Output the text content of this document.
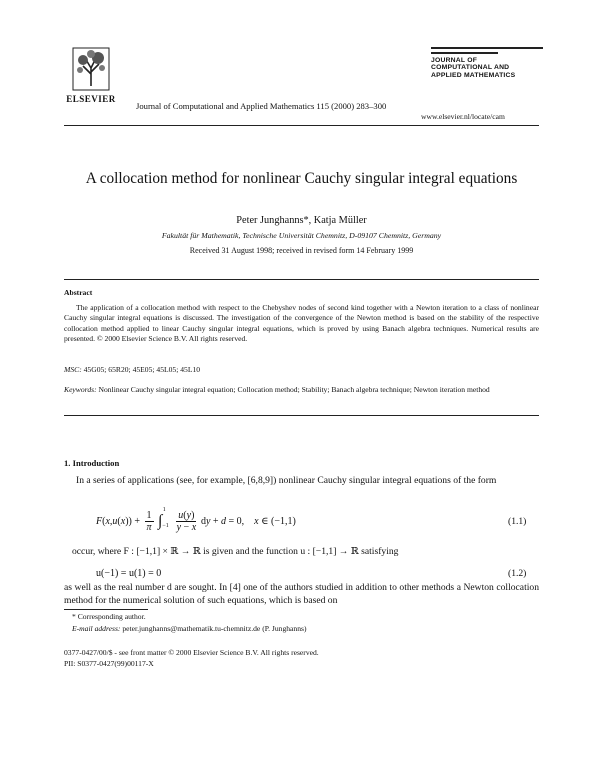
ELSEVIER
Journal of Computational and Applied Mathematics 115 (2000) 283–300
JOURNAL OF
COMPUTATIONAL AND
APPLIED MATHEMATICS
www.elsevier.nl/locate/cam
A collocation method for nonlinear Cauchy singular integral equations
Peter Junghanns*, Katja Müller
Fakultät für Mathematik, Technische Universität Chemnitz, D-09107 Chemnitz, Germany
Received 31 August 1998; received in revised form 14 February 1999
Abstract
The application of a collocation method with respect to the Chebyshev nodes of second kind together with a Newton iteration to a class of nonlinear Cauchy singular integral equations is discussed. The investigation of the convergence of the Newton method is based on the stability of the respective collocation method applied to linear Cauchy singular integral equations, which is proved by using Banach algebra techniques. Numerical results are presented. © 2000 Elsevier Science B.V. All rights reserved.
MSC: 45G05; 65R20; 45E05; 45L05; 45L10
Keywords: Nonlinear Cauchy singular integral equation; Collocation method; Stability; Banach algebra technique; Newton iteration method
1. Introduction
In a series of applications (see, for example, [6,8,9]) nonlinear Cauchy singular integral equations of the form
$F(x,u(x)) + \frac{1}{\pi} \int_{-1}^1 \frac{u(y)}{y - x}$ dy + d = 0,    x ∈ (−1,1)	(1.1)
occur, where F : [−1,1] × ℝ → ℝ is given and the function u : [−1,1] → ℝ satisfying
u(−1) = u(1) = 0	(1.2)
as well as the real number d are sought. In [4] one of the authors studied in addition to other methods a Newton collocation method for the numerical solution of such equations, which is based on
* Corresponding author.
E-mail address: peter.junghanns@mathematik.tu-chemnitz.de (P. Junghanns)
0377-0427/00/$ - see front matter © 2000 Elsevier Science B.V. All rights reserved.
PII: S0377-0427(99)00117-X
